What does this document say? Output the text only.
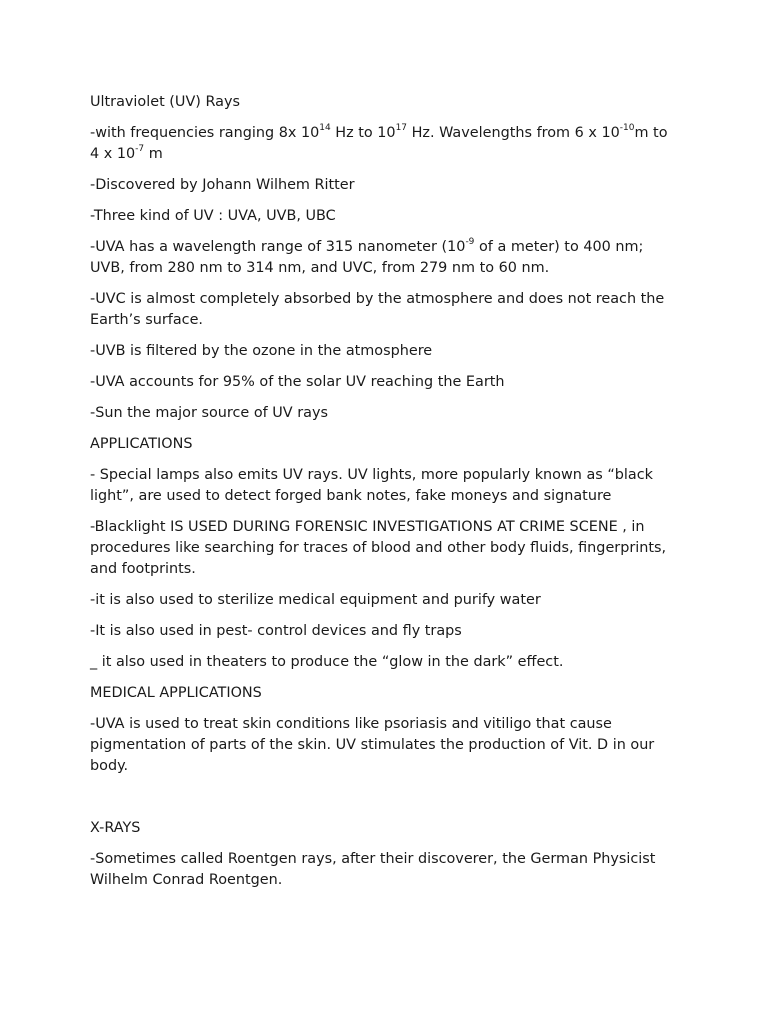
Ultraviolet (UV) Rays

-with frequencies ranging 8x $10^{14}$ Hz to $10^{17}$ Hz. Wavelengths from 6 x $10^{-10}m$ to 4 x $10^{-7}$ m

-Discovered by Johann Wilhem Ritter

-Three kind of UV : UVA, UVB, UBC

-UVA has a wavelength range of 315 nanometer ($10^{-9}$ of a meter) to 400 nm; UVB, from 280 nm to 314 nm, and UVC, from 279 nm to 60 nm.

-UVC is almost completely absorbed by the atmosphere and does not reach the Earth’s surface.

-UVB is filtered by the ozone in the atmosphere

-UVA accounts for 95% of the solar UV reaching the Earth

-Sun the major source of UV rays

APPLICATIONS

- Special lamps also emits UV rays. UV lights, more popularly known as “black light”, are used to detect forged bank notes, fake moneys and signature

-Blacklight IS USED DURING FORENSIC INVESTIGATIONS AT CRIME SCENE , in procedures like searching for traces of blood and other body fluids, fingerprints, and footprints.

-it is also used to sterilize medical equipment and purify water

-It is also used in pest- control devices and fly traps

_ it also used in theaters to produce the “glow in the dark” effect.

MEDICAL APPLICATIONS

-UVA is used to treat skin conditions like psoriasis and vitiligo that cause pigmentation of parts of the skin. UV stimulates the production of Vit. D in our body.

X-RAYS

-Sometimes called Roentgen rays, after their discoverer, the German Physicist Wilhelm Conrad Roentgen.
